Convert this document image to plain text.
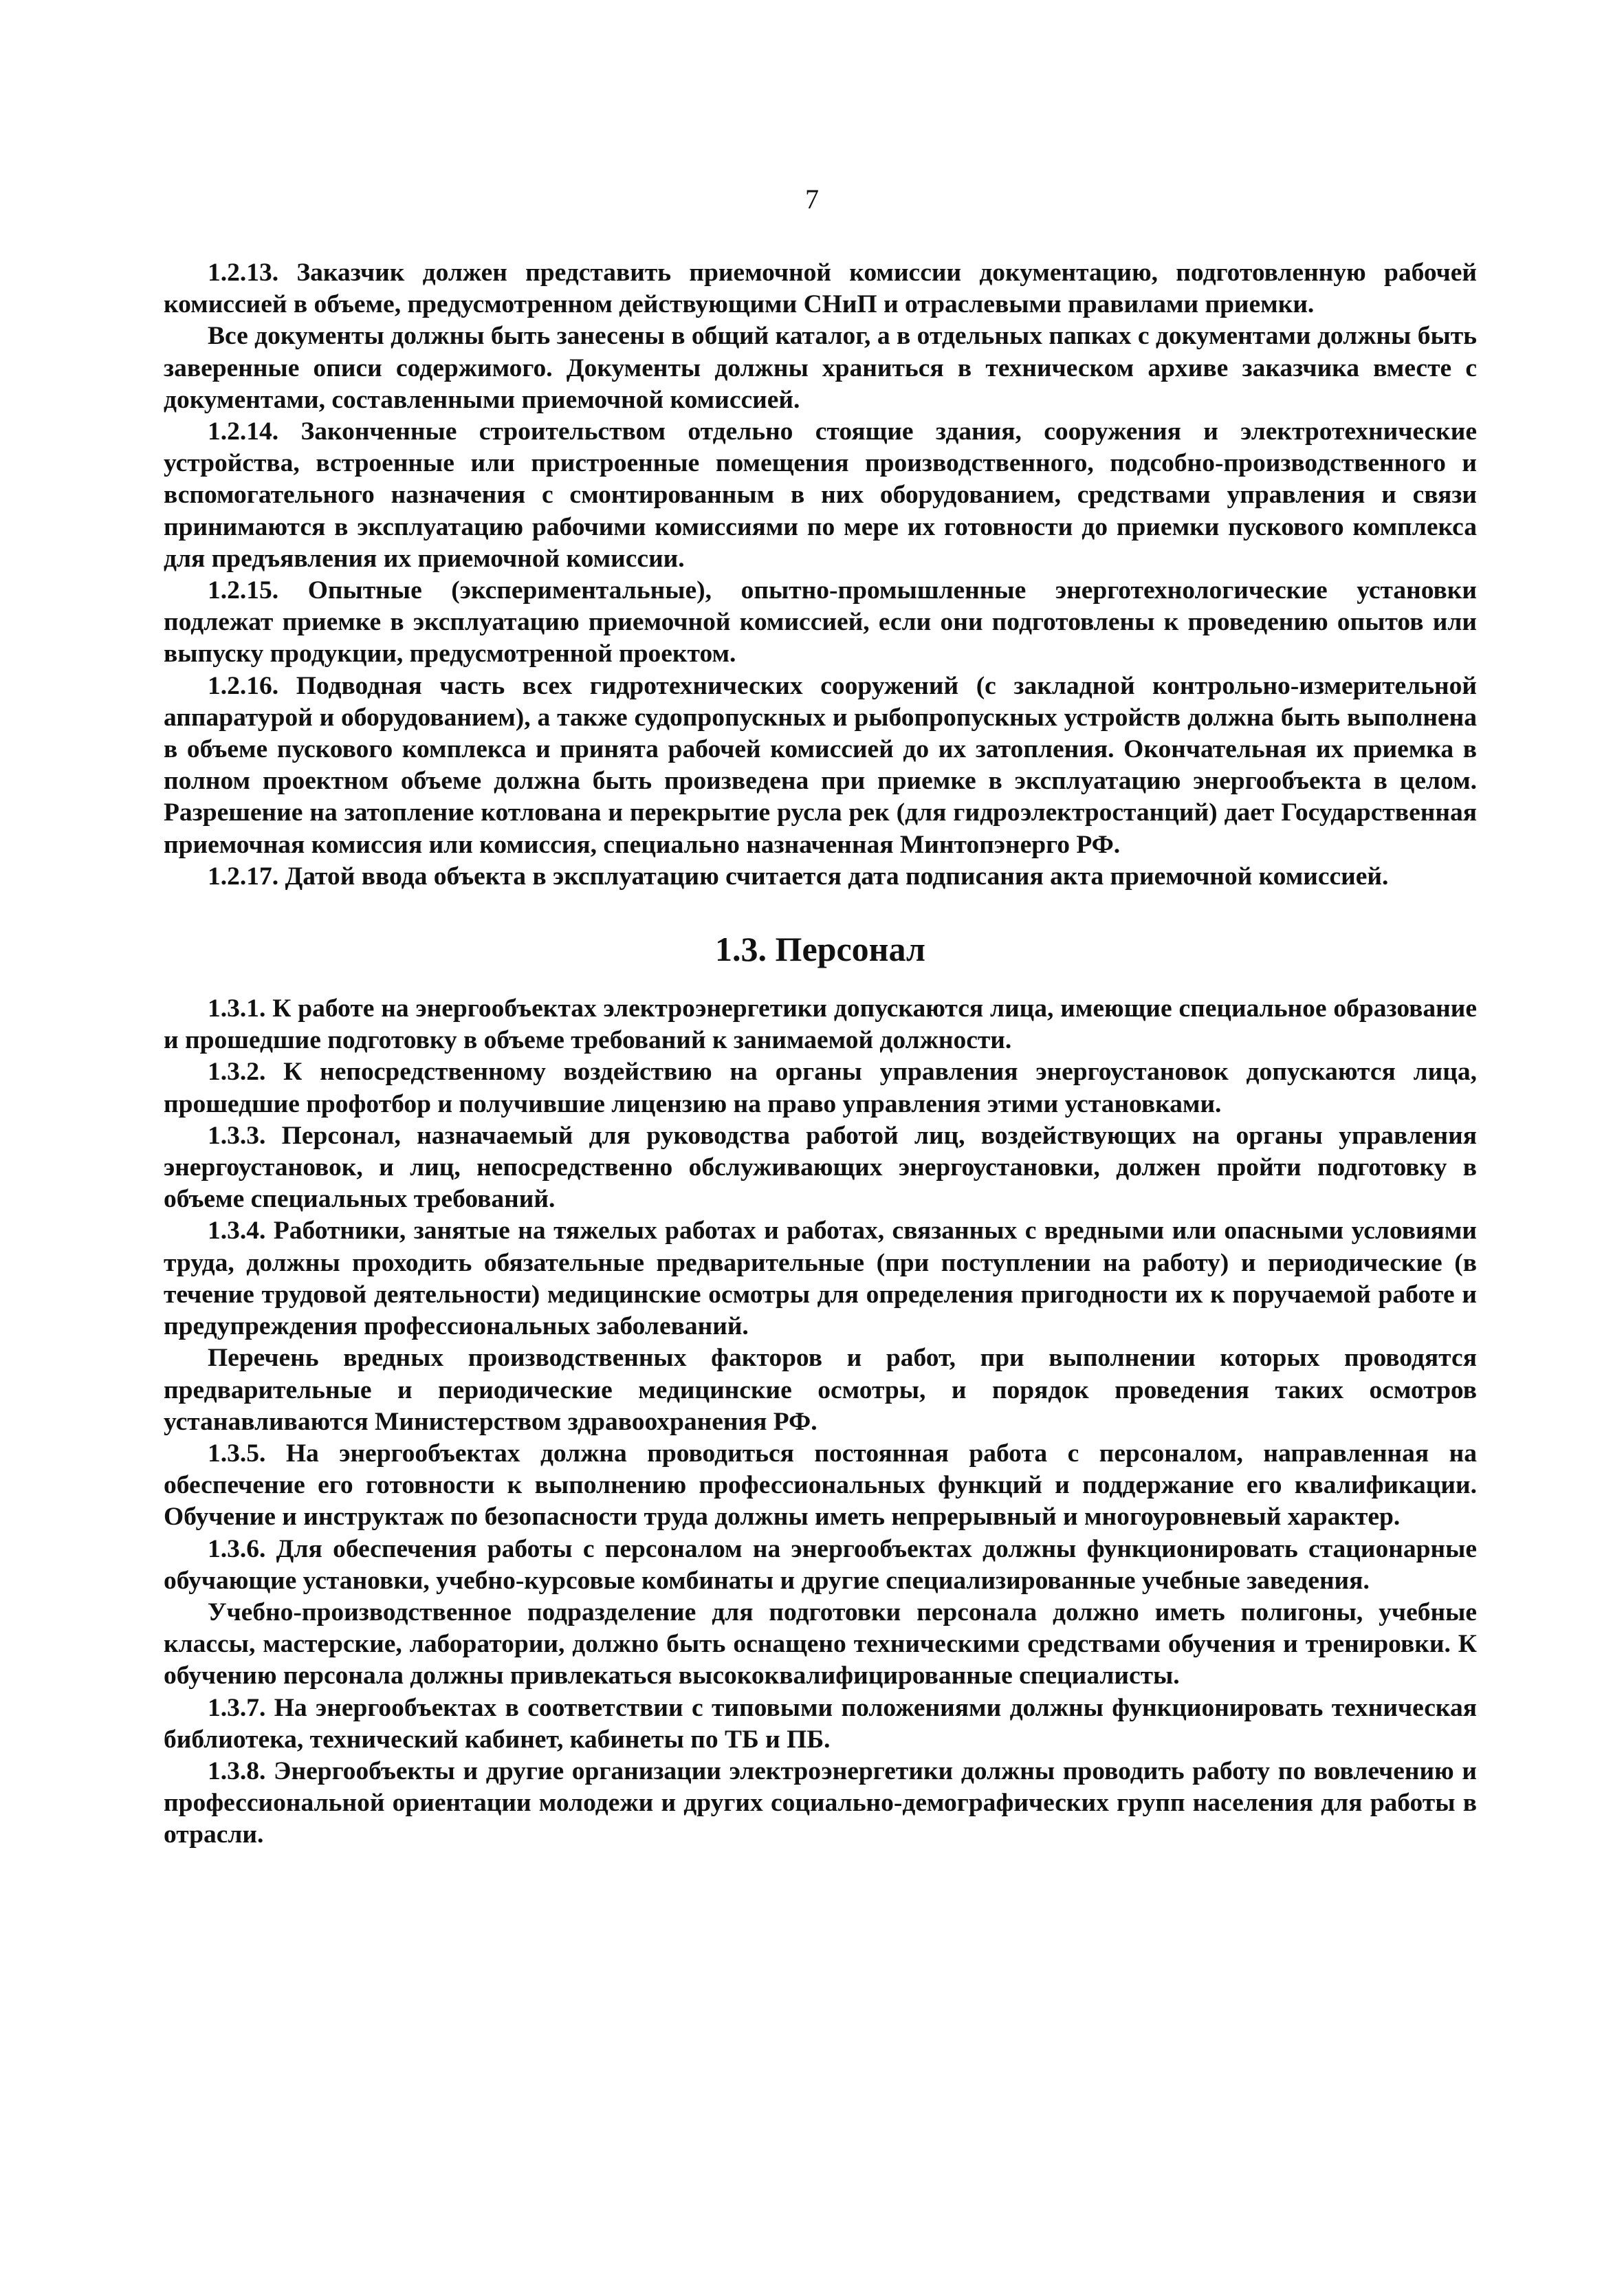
7

1.2.13. Заказчик должен представить приемочной комиссии документацию, подготовленную рабочей комиссией в объеме, предусмотренном действующими СНиП и отраслевыми правилами приемки.

Все документы должны быть занесены в общий каталог, а в отдельных папках с документами должны быть заверенные описи содержимого. Документы должны храниться в техническом архиве заказчика вместе с документами, составленными приемочной комиссией.

1.2.14. Законченные строительством отдельно стоящие здания, сооружения и электротехнические устройства, встроенные или пристроенные помещения производственного, подсобно-производственного и вспомогательного назначения с смонтированным в них оборудованием, средствами управления и связи принимаются в эксплуатацию рабочими комиссиями по мере их готовности до приемки пускового комплекса для предъявления их приемочной комиссии.

1.2.15. Опытные (экспериментальные), опытно-промышленные энерготехнологические установки подлежат приемке в эксплуатацию приемочной комиссией, если они подготовлены к проведению опытов или выпуску продукции, предусмотренной проектом.

1.2.16. Подводная часть всех гидротехнических сооружений (с закладной контрольно-измерительной аппаратурой и оборудованием), а также судопропускных и рыбопропускных устройств должна быть выполнена в объеме пускового комплекса и принята рабочей комиссией до их затопления. Окончательная их приемка в полном проектном объеме должна быть произведена при приемке в эксплуатацию энергообъекта в целом. Разрешение на затопление котлована и перекрытие русла рек (для гидроэлектростанций) дает Государственная приемочная комиссия или комиссия, специально назначенная Минтопэнерго РФ.

1.2.17. Датой ввода объекта в эксплуатацию считается дата подписания акта приемочной комиссией.

1.3. Персонал

1.3.1. К работе на энергообъектах электроэнергетики допускаются лица, имеющие специальное образование и прошедшие подготовку в объеме требований к занимаемой должности.

1.3.2. К непосредственному воздействию на органы управления энергоустановок допускаются лица, прошедшие профотбор и получившие лицензию на право управления этими установками.

1.3.3. Персонал, назначаемый для руководства работой лиц, воздействующих на органы управления энергоустановок, и лиц, непосредственно обслуживающих энергоустановки, должен пройти подготовку в объеме специальных требований.

1.3.4. Работники, занятые на тяжелых работах и работах, связанных с вредными или опасными условиями труда, должны проходить обязательные предварительные (при поступлении на работу) и периодические (в течение трудовой деятельности) медицинские осмотры для определения пригодности их к поручаемой работе и предупреждения профессиональных заболеваний.

Перечень вредных производственных факторов и работ, при выполнении которых проводятся предварительные и периодические медицинские осмотры, и порядок проведения таких осмотров устанавливаются Министерством здравоохранения РФ.

1.3.5. На энергообъектах должна проводиться постоянная работа с персоналом, направленная на обеспечение его готовности к выполнению профессиональных функций и поддержание его квалификации. Обучение и инструктаж по безопасности труда должны иметь непрерывный и многоуровневый характер.

1.3.6. Для обеспечения работы с персоналом на энергообъектах должны функционировать стационарные обучающие установки, учебно-курсовые комбинаты и другие специализированные учебные заведения.

Учебно-производственное подразделение для подготовки персонала должно иметь полигоны, учебные классы, мастерские, лаборатории, должно быть оснащено техническими средствами обучения и тренировки. К обучению персонала должны привлекаться высококвалифицированные специалисты.

1.3.7. На энергообъектах в соответствии с типовыми положениями должны функционировать техническая библиотека, технический кабинет, кабинеты по ТБ и ПБ.

1.3.8. Энергообъекты и другие организации электроэнергетики должны проводить работу по вовлечению и профессиональной ориентации молодежи и других социально-демографических групп населения для работы в отрасли.
